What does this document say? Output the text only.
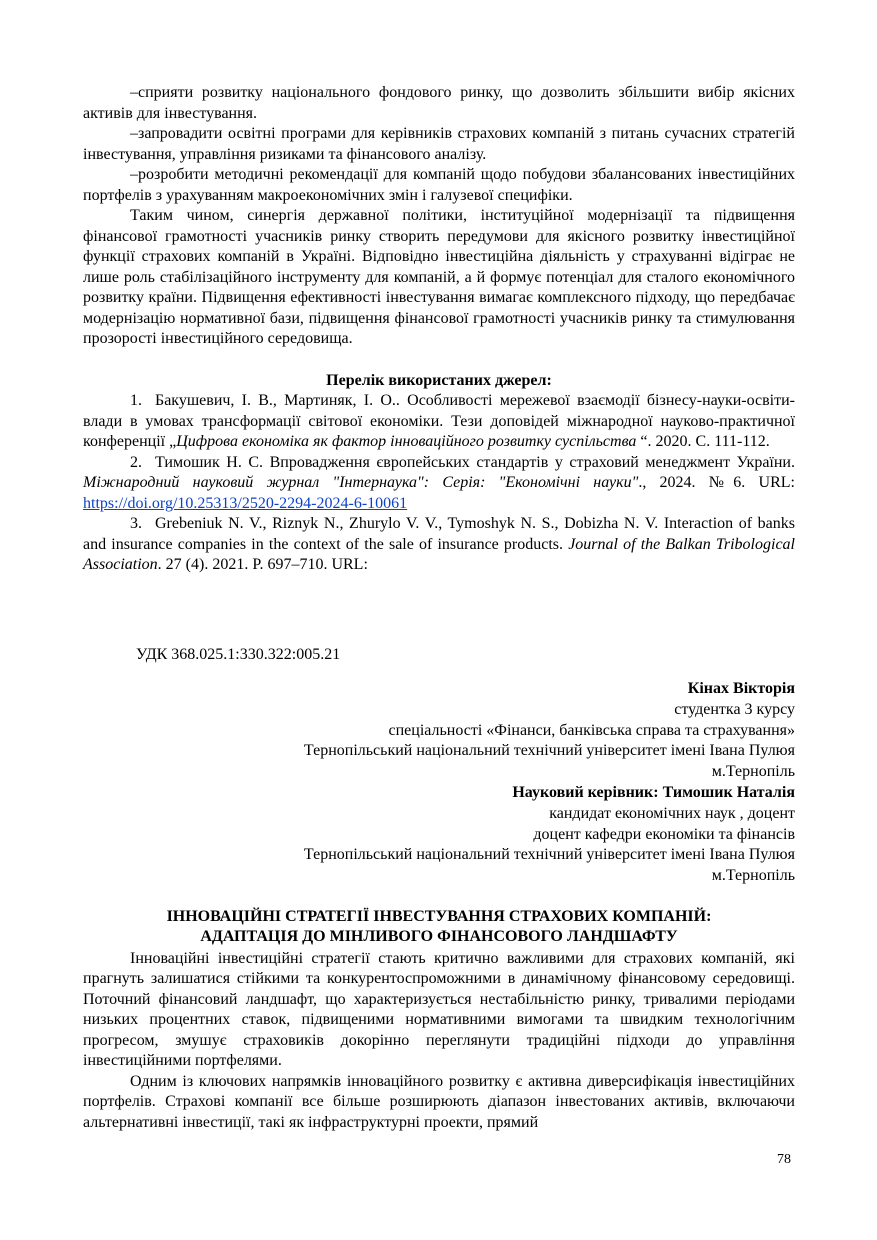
–сприяти розвитку національного фондового ринку, що дозволить збільшити вибір якісних активів для інвестування.

–запровадити освітні програми для керівників страхових компаній з питань сучасних стратегій інвестування, управління ризиками та фінансового аналізу.

–розробити методичні рекомендації для компаній щодо побудови збалансованих інвестиційних портфелів з урахуванням макроекономічних змін і галузевої специфіки.

Таким чином, синергія державної політики, інституційної модернізації та підвищення фінансової грамотності учасників ринку створить передумови для якісного розвитку інвестиційної функції страхових компаній в Україні. Відповідно інвестиційна діяльність у страхуванні відіграє не лише роль стабілізаційного інструменту для компаній, а й формує потенціал для сталого економічного розвитку країни. Підвищення ефективності інвестування вимагає комплексного підходу, що передбачає модернізацію нормативної бази, підвищення фінансової грамотності учасників ринку та стимулювання прозорості інвестиційного середовища.

Перелік використаних джерел:

1. Бакушевич, І. В., Мартиняк, І. О.. Особливості мережевої взаємодії бізнесу-науки-освіти-влади в умовах трансформації світової економіки. Тези доповідей міжнародної науково-практичної конференції „Цифрова економіка як фактор інноваційного розвитку суспільства “. 2020. С. 111-112.

2. Тимошик Н. С. Впровадження європейських стандартів у страховий менеджмент України. Міжнародний науковий журнал "Інтернаука": Серія: "Економічні науки"., 2024. №6. URL: https://doi.org/10.25313/2520-2294-2024-6-10061

3. Grebeniuk N. V., Riznyk N., Zhurylo V. V., Tymoshyk N. S., Dobizha N. V. Interaction of banks and insurance companies in the context of the sale of insurance products. Journal of the Balkan Tribological Association. 27 (4). 2021. P. 697–710. URL:

УДК 368.025.1:330.322:005.21

Кінах Вікторія

студентка 3 курсу

спеціальності «Фінанси, банківська справа та страхування»

Тернопільський національний технічний університет імені Івана Пулюя

м.Тернопіль

Науковий керівник: Тимошик Наталія

кандидат економічних наук , доцент

доцент кафедри економіки та фінансів

Тернопільський національний технічний університет імені Івана Пулюя

м.Тернопіль

ІННОВАЦІЙНІ СТРАТЕГІЇ ІНВЕСТУВАННЯ СТРАХОВИХ КОМПАНІЙ:

АДАПТАЦІЯ ДО МІНЛИВОГО ФІНАНСОВОГО ЛАНДШАФТУ

Інноваційні інвестиційні стратегії стають критично важливими для страхових компаній, які прагнуть залишатися стійкими та конкурентоспроможними в динамічному фінансовому середовищі. Поточний фінансовий ландшафт, що характеризується нестабільністю ринку, тривалими періодами низьких процентних ставок, підвищеними нормативними вимогами та швидким технологічним прогресом, змушує страховиків докорінно переглянути традиційні підходи до управління інвестиційними портфелями.

Одним із ключових напрямків інноваційного розвитку є активна диверсифікація інвестиційних портфелів. Страхові компанії все більше розширюють діапазон інвестованих активів, включаючи альтернативні інвестиції, такі як інфраструктурні проекти, прямий

78
